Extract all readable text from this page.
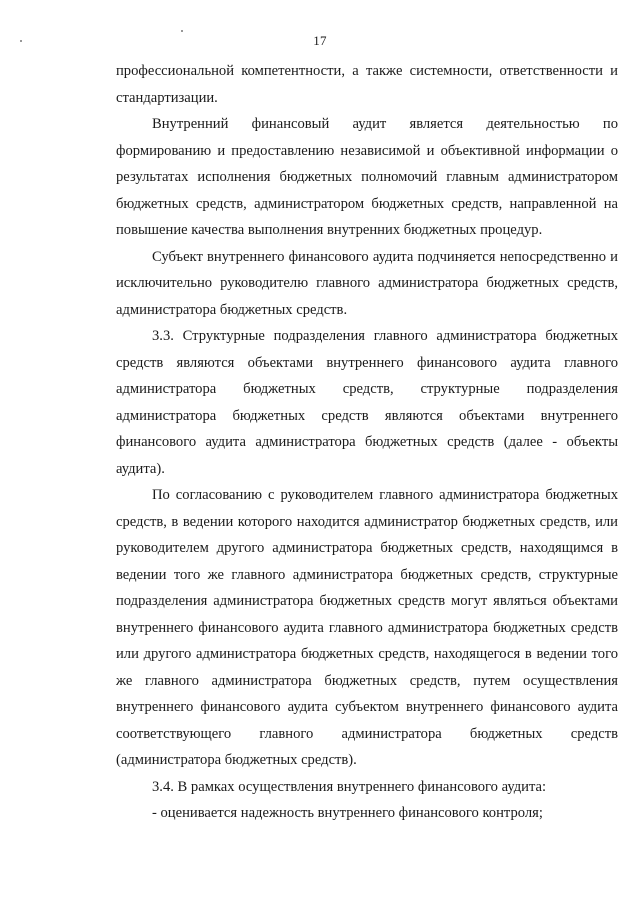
17

профессиональной компетентности, а также системности, ответственности и стандартизации.

Внутренний финансовый аудит является деятельностью по формированию и предоставлению независимой и объективной информации о результатах исполнения бюджетных полномочий главным администратором бюджетных средств, администратором бюджетных средств, направленной на повышение качества выполнения внутренних бюджетных процедур.

Субъект внутреннего финансового аудита подчиняется непосредственно и исключительно руководителю главного администратора бюджетных средств, администратора бюджетных средств.

3.3. Структурные подразделения главного администратора бюджетных средств являются объектами внутреннего финансового аудита главного администратора бюджетных средств, структурные подразделения администратора бюджетных средств являются объектами внутреннего финансового аудита администратора бюджетных средств (далее - объекты аудита).

По согласованию с руководителем главного администратора бюджетных средств, в ведении которого находится администратор бюджетных средств, или руководителем другого администратора бюджетных средств, находящимся в ведении того же главного администратора бюджетных средств, структурные подразделения администратора бюджетных средств могут являться объектами внутреннего финансового аудита главного администратора бюджетных средств или другого администратора бюджетных средств, находящегося в ведении того же главного администратора бюджетных средств, путем осуществления внутреннего финансового аудита субъектом внутреннего финансового аудита соответствующего главного администратора бюджетных средств (администратора бюджетных средств).

3.4. В рамках осуществления внутреннего финансового аудита:

- оценивается надежность внутреннего финансового контроля;
